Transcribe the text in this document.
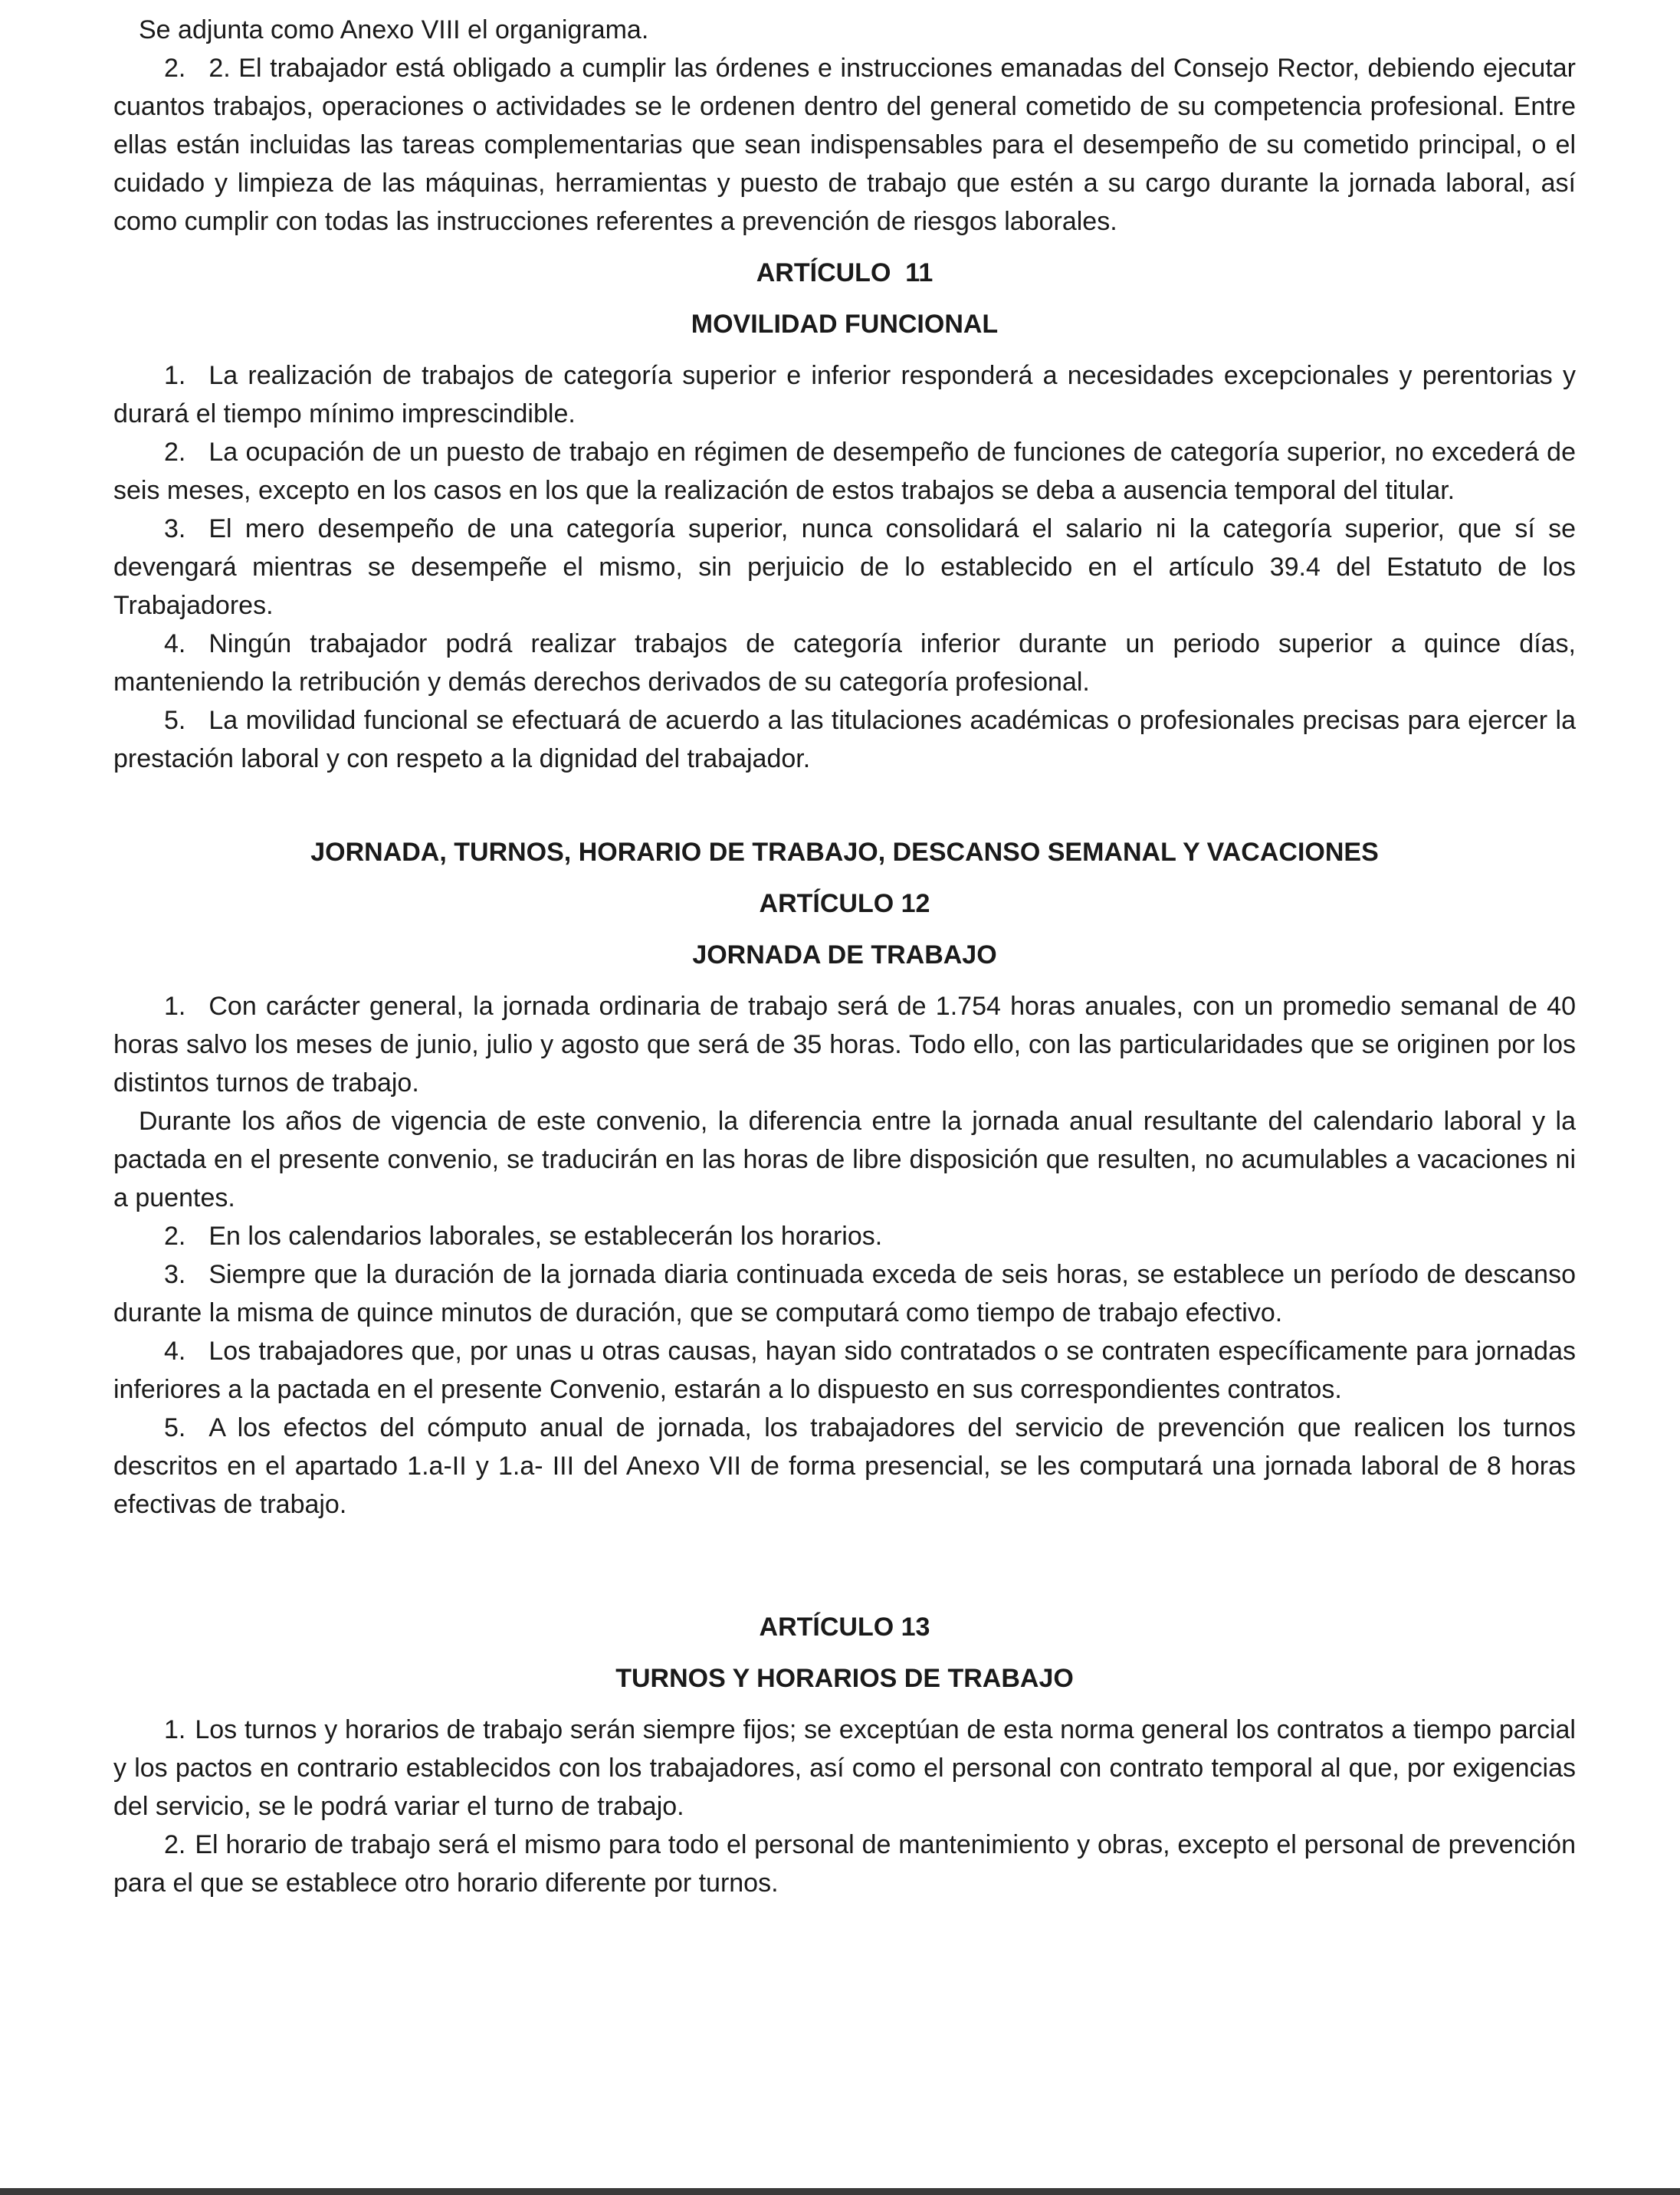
Se adjunta como Anexo VIII el organigrama.

2. 2. El trabajador está obligado a cumplir las órdenes e instrucciones emanadas del Consejo Rector, debiendo ejecutar cuantos trabajos, operaciones o actividades se le ordenen dentro del general cometido de su competencia profesional. Entre ellas están incluidas las tareas complementarias que sean indispensables para el desempeño de su cometido principal, o el cuidado y limpieza de las máquinas, herramientas y puesto de trabajo que estén a su cargo durante la jornada laboral, así como cumplir con todas las instrucciones referentes a prevención de riesgos laborales.

ARTÍCULO  11
MOVILIDAD FUNCIONAL

1. La realización de trabajos de categoría superior e inferior responderá a necesidades excepcionales y perentorias y durará el tiempo mínimo imprescindible.

2. La ocupación de un puesto de trabajo en régimen de desempeño de funciones de categoría superior, no excederá de seis meses, excepto en los casos en los que la realización de estos trabajos se deba a ausencia temporal del titular.

3. El mero desempeño de una categoría superior, nunca consolidará el salario ni la categoría superior, que sí se devengará mientras se desempeñe el mismo, sin perjuicio de lo establecido en el artículo 39.4 del Estatuto de los Trabajadores.

4. Ningún trabajador podrá realizar trabajos de categoría inferior durante un periodo superior a quince días, manteniendo la retribución y demás derechos derivados de su categoría profesional.

5. La movilidad funcional se efectuará de acuerdo a las titulaciones académicas o profesionales precisas para ejercer la prestación laboral y con respeto a la dignidad del trabajador.

JORNADA, TURNOS, HORARIO DE TRABAJO, DESCANSO SEMANAL Y VACACIONES
ARTÍCULO 12
JORNADA DE TRABAJO

1. Con carácter general, la jornada ordinaria de trabajo será de 1.754 horas anuales, con un promedio semanal de 40 horas salvo los meses de junio, julio y agosto que será de 35 horas. Todo ello, con las particularidades que se originen por los distintos turnos de trabajo.

Durante los años de vigencia de este convenio, la diferencia entre la jornada anual resultante del calendario laboral y la pactada en el presente convenio, se traducirán en las horas de libre disposición que resulten, no acumulables a vacaciones ni a puentes.

2. En los calendarios laborales, se establecerán los horarios.

3. Siempre que la duración de la jornada diaria continuada exceda de seis horas, se establece un período de descanso durante la misma de quince minutos de duración, que se computará como tiempo de trabajo efectivo.

4. Los trabajadores que, por unas u otras causas, hayan sido contratados o se contraten específicamente para jornadas inferiores a la pactada en el presente Convenio, estarán a lo dispuesto en sus correspondientes contratos.

5. A los efectos del cómputo anual de jornada, los trabajadores del servicio de prevención que realicen los turnos descritos en el apartado 1.a-II y 1.a- III del Anexo VII de forma presencial, se les computará una jornada laboral de 8 horas efectivas de trabajo.

ARTÍCULO 13
TURNOS Y HORARIOS DE TRABAJO

1. Los turnos y horarios de trabajo serán siempre fijos; se exceptúan de esta norma general los contratos a tiempo parcial y los pactos en contrario establecidos con los trabajadores, así como el personal con contrato temporal al que, por exigencias del servicio, se le podrá variar el turno de trabajo.

2. El horario de trabajo será el mismo para todo el personal de mantenimiento y obras, excepto el personal de prevención para el que se establece otro horario diferente por turnos.
